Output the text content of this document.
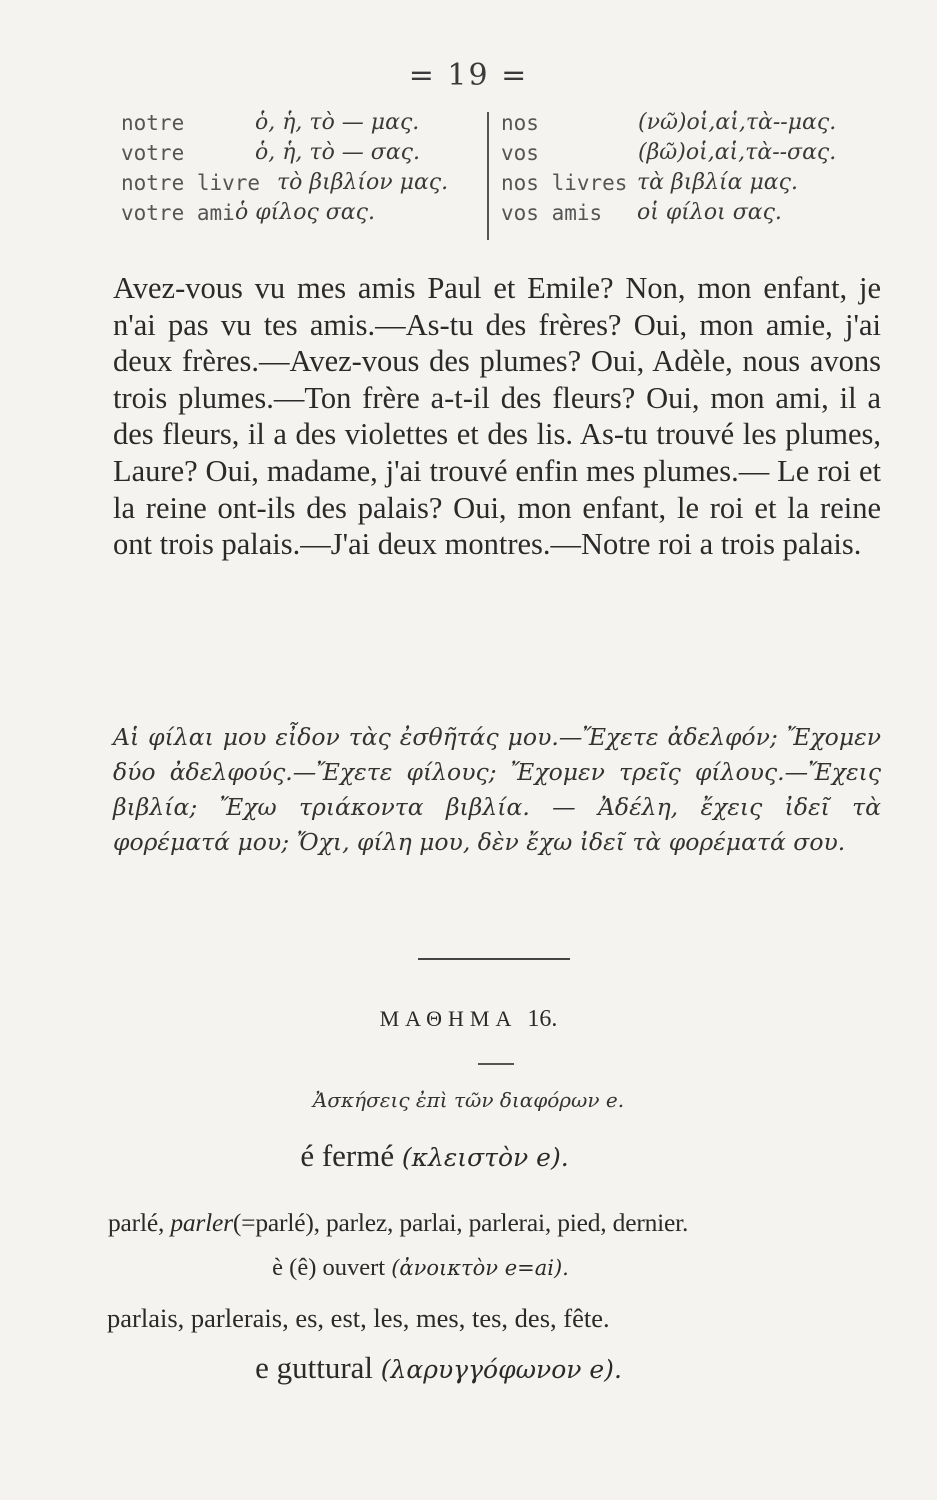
= 19 =
notre	ὁ, ἡ, τὸ — μας.
votre	ὁ, ἡ, τὸ — σας.
notre livre τὸ βιβλίον μας.
votre ami ὁ φίλος σας.
nos	(νῶ)οἱ,αἱ,τὰ--μας.
vos	(βῶ)οἱ,αἱ,τὰ--σας.
nos livres τὰ βιβλία μας.
vos amis οἱ φίλοι σας.

Avez-vous vu mes amis Paul et Emile? Non, mon enfant, je n'ai pas vu tes amis.—As-tu des frères? Oui, mon amie, j'ai deux frères.—Avez-vous des plumes? Oui, Adèle, nous avons trois plumes.—Ton frère a-t-il des fleurs? Oui, mon ami, il a des fleurs, il a des violettes et des lis. As-tu trouvé les plumes, Laure? Oui, madame, j'ai trouvé enfin mes plumes.— Le roi et la reine ont-ils des palais? Oui, mon enfant, le roi et la reine ont trois palais.—J'ai deux montres.—Notre roi a trois palais.

Αἱ φίλαι μου εἶδον τὰς ἐσθῆτάς μου.—Ἔχετε ἀδελφόν; Ἔχομεν δύο ἀδελφούς.—Ἔχετε φίλους; Ἔχομεν τρεῖς φίλους.—Ἔχεις βιβλία; Ἔχω τριάκοντα βιβλία. — Ἀδέλη, ἔχεις ἰδεῖ τὰ φορέματά μου; Ὄχι, φίλη μου, δὲν ἔχω ἰδεῖ τὰ φορέματά σου.

ΜΑΘΗΜΑ 16.
Ἀσκήσεις ἐπὶ τῶν διαφόρων e.
é fermé (κλειστὸν e).
parlé, parler(=parlé), parlez, parlai, parlerai, pied, dernier.
è (ê) ouvert (ἀνοικτὸν e=ai).
parlais, parlerais, es, est, les, mes, tes, des, fête.
e guttural (λαρυγγόφωνον e).
